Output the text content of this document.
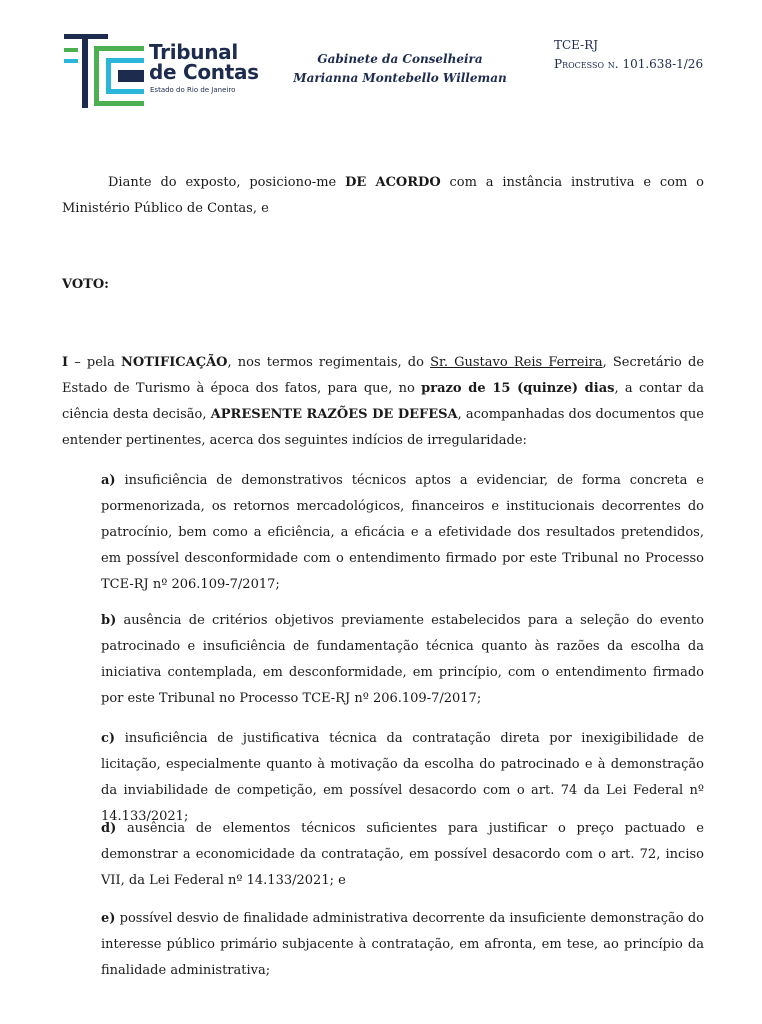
Tribunal
de Contas
Estado do Rio de Janeiro
Gabinete da Conselheira
Marianna Montebello Willeman
TCE-RJ
Processo n. 101.638-1/26

Diante do exposto, posiciono-me DE ACORDO com a instância instrutiva e com o Ministério Público de Contas, e

VOTO:

I – pela NOTIFICAÇÃO, nos termos regimentais, do Sr. Gustavo Reis Ferreira, Secretário de Estado de Turismo à época dos fatos, para que, no prazo de 15 (quinze) dias, a contar da ciência desta decisão, APRESENTE RAZÕES DE DEFESA, acompanhadas dos documentos que entender pertinentes, acerca dos seguintes indícios de irregularidade:

a) insuficiência de demonstrativos técnicos aptos a evidenciar, de forma concreta e pormenorizada, os retornos mercadológicos, financeiros e institucionais decorrentes do patrocínio, bem como a eficiência, a eficácia e a efetividade dos resultados pretendidos, em possível desconformidade com o entendimento firmado por este Tribunal no Processo TCE-RJ nº 206.109-7/2017;

b) ausência de critérios objetivos previamente estabelecidos para a seleção do evento patrocinado e insuficiência de fundamentação técnica quanto às razões da escolha da iniciativa contemplada, em desconformidade, em princípio, com o entendimento firmado por este Tribunal no Processo TCE-RJ nº 206.109-7/2017;

c) insuficiência de justificativa técnica da contratação direta por inexigibilidade de licitação, especialmente quanto à motivação da escolha do patrocinado e à demonstração da inviabilidade de competição, em possível desacordo com o art. 74 da Lei Federal nº 14.133/2021;

d) ausência de elementos técnicos suficientes para justificar o preço pactuado e demonstrar a economicidade da contratação, em possível desacordo com o art. 72, inciso VII, da Lei Federal nº 14.133/2021; e

e) possível desvio de finalidade administrativa decorrente da insuficiente demonstração do interesse público primário subjacente à contratação, em afronta, em tese, ao princípio da finalidade administrativa;
